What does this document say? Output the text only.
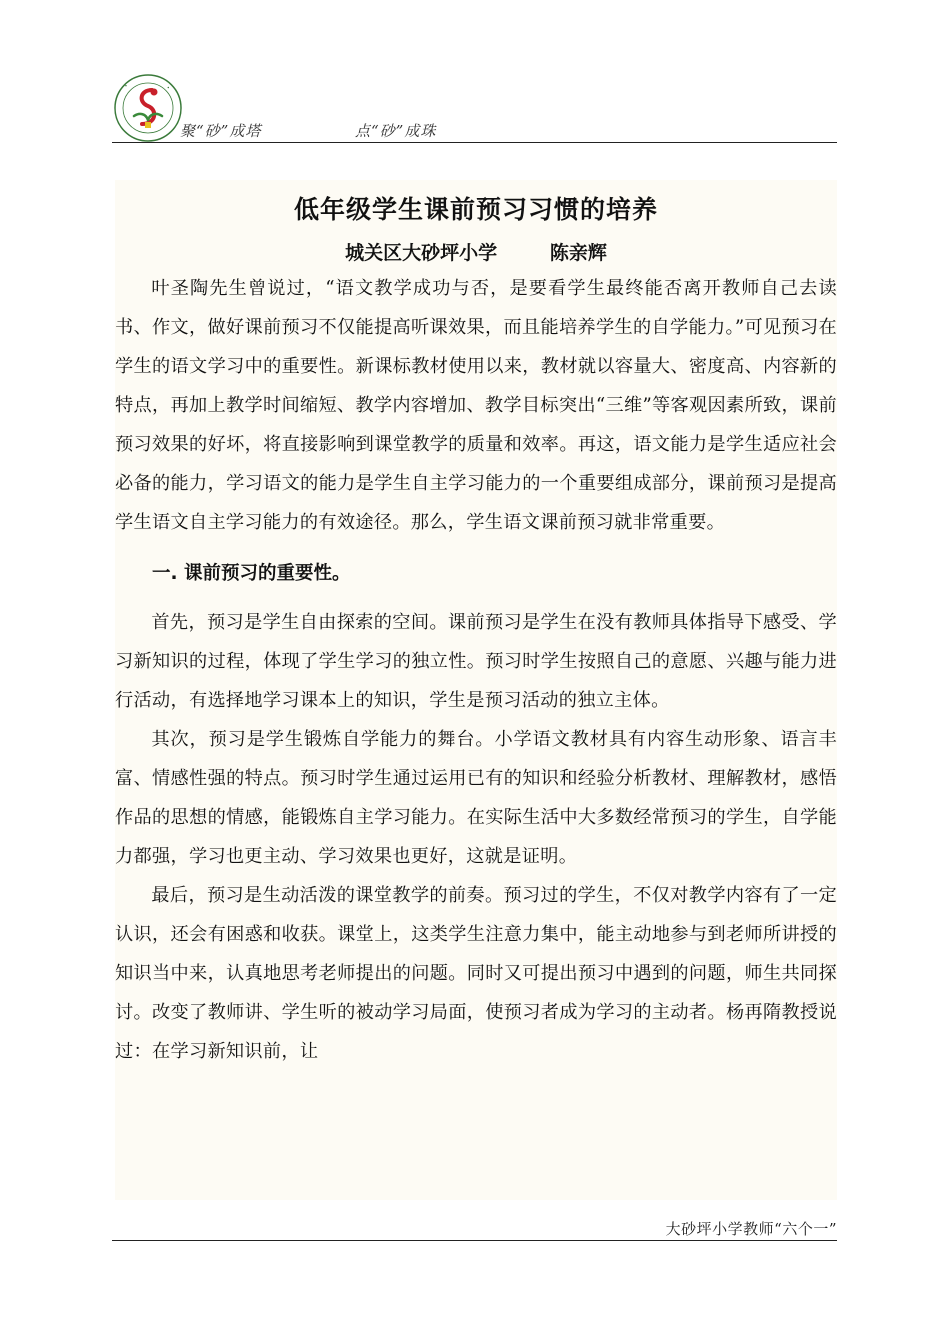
•	•
聚“砂”成塔	点“砂”成珠
低年级学生课前预习习惯的培养
城关区大砂坪小学	陈亲辉

叶圣陶先生曾说过，“语文教学成功与否，是要看学生最终能否离开教师自己去读书、作文，做好课前预习不仅能提高听课效果，而且能培养学生的自学能力。”可见预习在学生的语文学习中的重要性。新课标教材使用以来，教材就以容量大、密度高、内容新的特点，再加上教学时间缩短、教学内容增加、教学目标突出“三维”等客观因素所致，课前预习效果的好坏，将直接影响到课堂教学的质量和效率。再这，语文能力是学生适应社会必备的能力，学习语文的能力是学生自主学习能力的一个重要组成部分，课前预习是提高学生语文自主学习能力的有效途径。那么，学生语文课前预习就非常重要。

一. 课前预习的重要性。

首先，预习是学生自由探索的空间。课前预习是学生在没有教师具体指导下感受、学习新知识的过程，体现了学生学习的独立性。预习时学生按照自己的意愿、兴趣与能力进行活动，有选择地学习课本上的知识，学生是预习活动的独立主体。

其次，预习是学生锻炼自学能力的舞台。小学语文教材具有内容生动形象、语言丰富、情感性强的特点。预习时学生通过运用已有的知识和经验分析教材、理解教材，感悟作品的思想的情感，能锻炼自主学习能力。在实际生活中大多数经常预习的学生，自学能力都强，学习也更主动、学习效果也更好，这就是证明。

最后，预习是生动活泼的课堂教学的前奏。预习过的学生，不仅对教学内容有了一定认识，还会有困惑和收获。课堂上，这类学生注意力集中，能主动地参与到老师所讲授的知识当中来，认真地思考老师提出的问题。同时又可提出预习中遇到的问题，师生共同探讨。改变了教师讲、学生听的被动学习局面，使预习者成为学习的主动者。杨再隋教授说过：在学习新知识前，让

大砂坪小学教师“六个一”
